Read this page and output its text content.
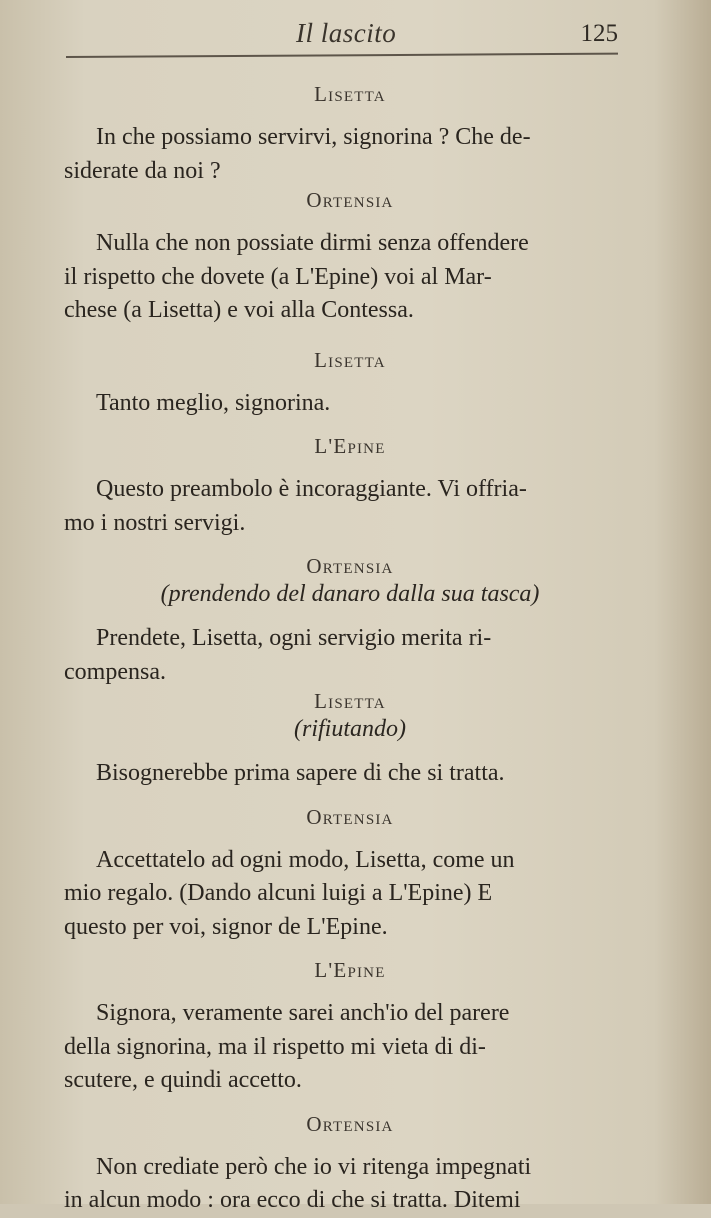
Il lascito	125
Lisetta

In che possiamo servirvi, signorina ? Che de-
siderate da noi ?

Ortensia

Nulla che non possiate dirmi senza offendere
il rispetto che dovete (a L'Epine) voi al Mar-
chese (a Lisetta) e voi alla Contessa.

Lisetta

Tanto meglio, signorina.

L'Epine

Questo preambolo è incoraggiante. Vi offria-
mo i nostri servigi.

Ortensia
(prendendo del danaro dalla sua tasca)

Prendete, Lisetta, ogni servigio merita ri-
compensa.

Lisetta
(rifiutando)

Bisognerebbe prima sapere di che si tratta.

Ortensia

Accettatelo ad ogni modo, Lisetta, come un
mio regalo. (Dando alcuni luigi a L'Epine) E
questo per voi, signor de L'Epine.

L'Epine

Signora, veramente sarei anch'io del parere
della signorina, ma il rispetto mi vieta di di-
scutere, e quindi accetto.

Ortensia

Non crediate però che io vi ritenga impegnati
in alcun modo : ora ecco di che si tratta. Ditemi
